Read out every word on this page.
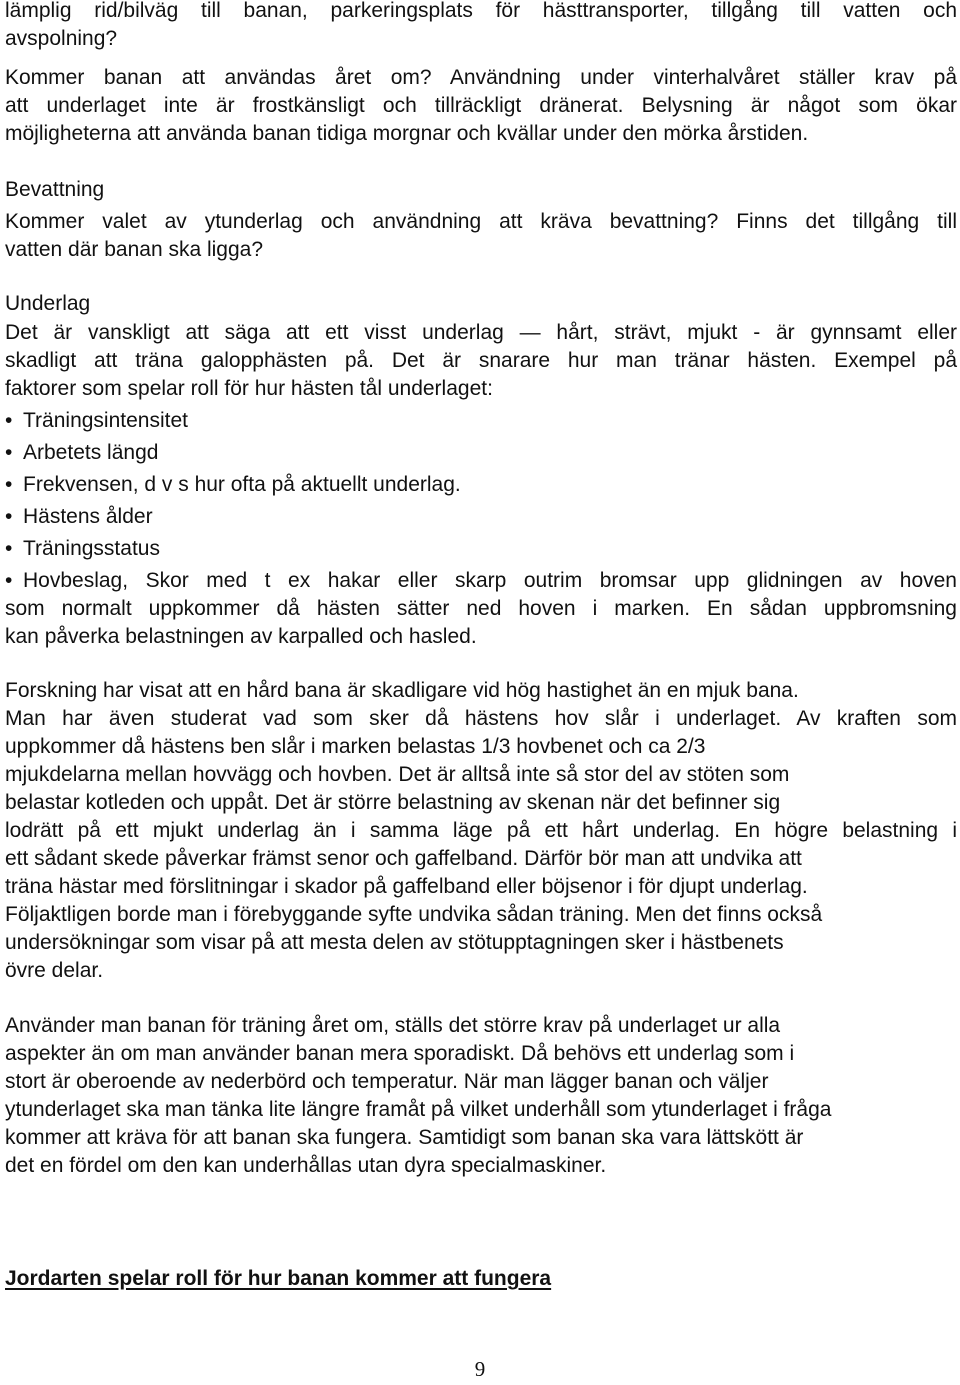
lämplig rid/bilväg till banan, parkeringsplats för hästtransporter, tillgång till vatten och
avspolning?
Kommer banan att användas året om? Användning under vinterhalvåret ställer krav på
att underlaget inte är frostkänsligt och tillräckligt dränerat. Belysning är något som ökar
möjligheterna att använda banan tidiga morgnar och kvällar under den mörka årstiden.
Bevattning
Kommer valet av ytunderlag och användning att kräva bevattning? Finns det tillgång till
vatten där banan ska ligga?
Underlag
Det är vanskligt att säga att ett visst underlag — hårt, strävt, mjukt - är gynnsamt eller
skadligt att träna galopphästen på. Det är snarare hur man tränar hästen. Exempel på
faktorer som spelar roll för hur hästen tål underlaget:
• Träningsintensitet
• Arbetets längd
• Frekvensen, d v s hur ofta på aktuellt underlag.
• Hästens ålder
• Träningsstatus
• Hovbeslag, Skor med t ex hakar eller skarp outrim bromsar upp glidningen av hoven
som normalt uppkommer då hästen sätter ned hoven i marken. En sådan uppbromsning
kan påverka belastningen av karpalled och hasled.
Forskning har visat att en hård bana är skadligare vid hög hastighet än en mjuk bana.
Man har även studerat vad som sker då hästens hov slår i underlaget. Av kraften som
uppkommer då hästens ben slår i marken belastas 1/3 hovbenet och ca 2/3
mjukdelarna mellan hovvägg och hovben. Det är alltså inte så stor del av stöten som
belastar kotleden och uppåt. Det är större belastning av skenan när det befinner sig
lodrätt på ett mjukt underlag än i samma läge på ett hårt underlag. En högre belastning i
ett sådant skede påverkar främst senor och gaffelband. Därför bör man att undvika att
träna hästar med förslitningar i skador på gaffelband eller böjsenor i för djupt underlag.
Följaktligen borde man i förebyggande syfte undvika sådan träning. Men det finns också
undersökningar som visar på att mesta delen av stötupptagningen sker i hästbenets
övre delar.
Använder man banan för träning året om, ställs det större krav på underlaget ur alla
aspekter än om man använder banan mera sporadiskt. Då behövs ett underlag som i
stort är oberoende av nederbörd och temperatur. När man lägger banan och väljer
ytunderlaget ska man tänka lite längre framåt på vilket underhåll som ytunderlaget i fråga
kommer att kräva för att banan ska fungera. Samtidigt som banan ska vara lättskött är
det en fördel om den kan underhållas utan dyra specialmaskiner.
Jordarten spelar roll för hur banan kommer att fungera
9
